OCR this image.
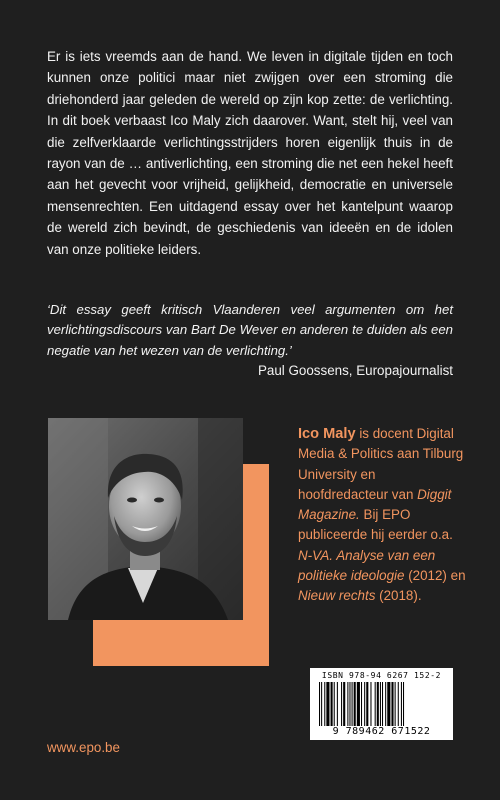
Er is iets vreemds aan de hand. We leven in digitale tijden en toch kunnen onze politici maar niet zwijgen over een stroming die driehonderd jaar geleden de wereld op zijn kop zette: de verlichting. In dit boek verbaast Ico Maly zich daarover. Want, stelt hij, veel van die zelfverklaarde verlichtingsstrijders horen eigenlijk thuis in de rayon van de … antiverlichting, een stroming die net een hekel heeft aan het gevecht voor vrijheid, gelijkheid, democratie en universele mensenrechten. Een uitdagend essay over het kantelpunt waarop de wereld zich bevindt, de geschiedenis van ideeën en de idolen van onze politieke leiders.

‘Dit essay geeft kritisch Vlaanderen veel argumenten om het verlichtingsdiscours van Bart De Wever en anderen te duiden als een negatie van het wezen van de verlichting.’

Paul Goossens, Europajournalist
Ico Maly is docent Digital Media & Politics aan Tilburg University en hoofdredacteur van Diggit Magazine. Bij EPO publiceerde hij eerder o.a. N-VA. Analyse van een politieke ideologie (2012) en Nieuw rechts (2018).
ISBN 978-94 6267 152-2
9 789462 671522
www.epo.be
